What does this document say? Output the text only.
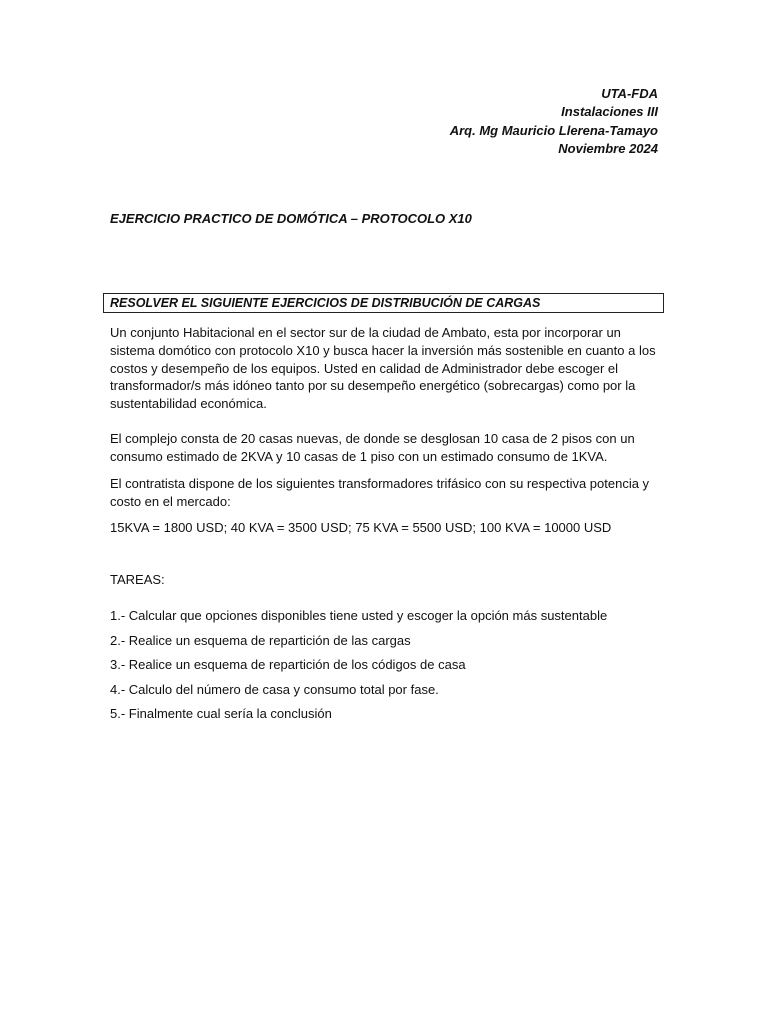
UTA-FDA
Instalaciones III
Arq. Mg Mauricio Llerena-Tamayo
Noviembre 2024
EJERCICIO PRACTICO DE DOMÓTICA – PROTOCOLO X10
RESOLVER EL SIGUIENTE EJERCICIOS DE DISTRIBUCIÓN DE CARGAS
Un conjunto Habitacional en el sector sur de la ciudad de Ambato, esta por incorporar un sistema domótico con protocolo X10 y busca hacer la inversión más sostenible en cuanto a los costos y desempeño de los equipos. Usted en calidad de Administrador debe escoger el transformador/s más idóneo tanto por su desempeño energético (sobrecargas) como por la sustentabilidad económica.
El complejo consta de 20 casas nuevas, de donde se desglosan 10 casa de 2 pisos con un consumo estimado de 2KVA y 10 casas de 1 piso con un estimado consumo de 1KVA.
El contratista dispone de los siguientes transformadores trifásico con su respectiva potencia y costo en el mercado:
15KVA = 1800 USD; 40 KVA = 3500 USD; 75 KVA = 5500 USD; 100 KVA = 10000 USD
TAREAS:
1.- Calcular que opciones disponibles tiene usted y escoger la opción más sustentable
2.- Realice un esquema de repartición de las cargas
3.- Realice un esquema de repartición de los códigos de casa
4.- Calculo del número de casa y consumo total por fase.
5.- Finalmente cual sería la conclusión
